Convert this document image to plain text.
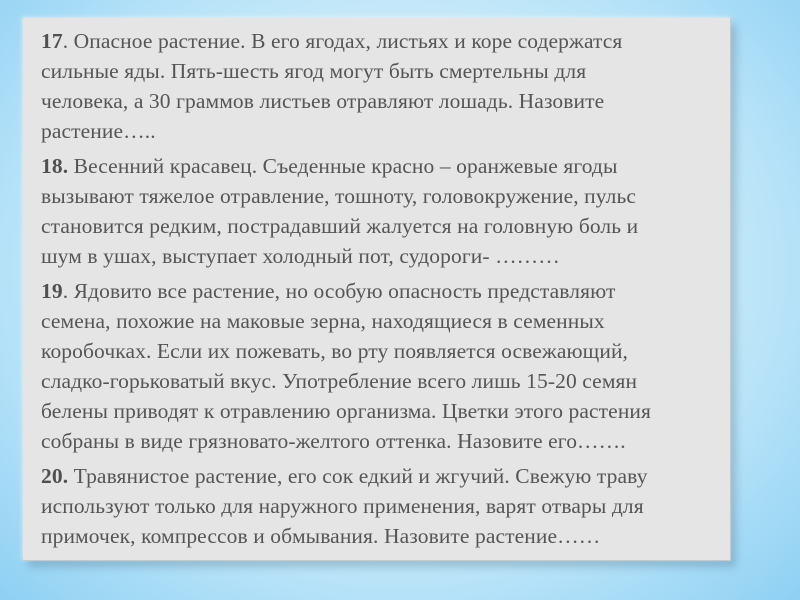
17. Опасное растение. В его ягодах, листьях и коре содержатся
сильные яды. Пять-шесть ягод могут быть смертельны для
человека, а 30 граммов листьев отравляют лошадь. Назовите
растение…..
18. Весенний красавец. Съеденные красно – оранжевые ягоды
вызывают тяжелое отравление, тошноту, головокружение, пульс
становится редким, пострадавший жалуется на головную боль и
шум в ушах, выступает холодный пот, судороги- ………
19. Ядовито все растение, но особую опасность представляют
семена, похожие на маковые зерна, находящиеся в семенных
коробочках. Если их пожевать, во рту появляется освежающий,
сладко-горьковатый вкус. Употребление всего лишь 15-20 семян
белены приводят к отравлению организма. Цветки этого растения
собраны в виде грязновато-желтого оттенка. Назовите его…….
20. Травянистое растение, его сок едкий и жгучий. Свежую траву
используют только для наружного применения, варят отвары для
примочек, компрессов и обмывания. Назовите растение……
